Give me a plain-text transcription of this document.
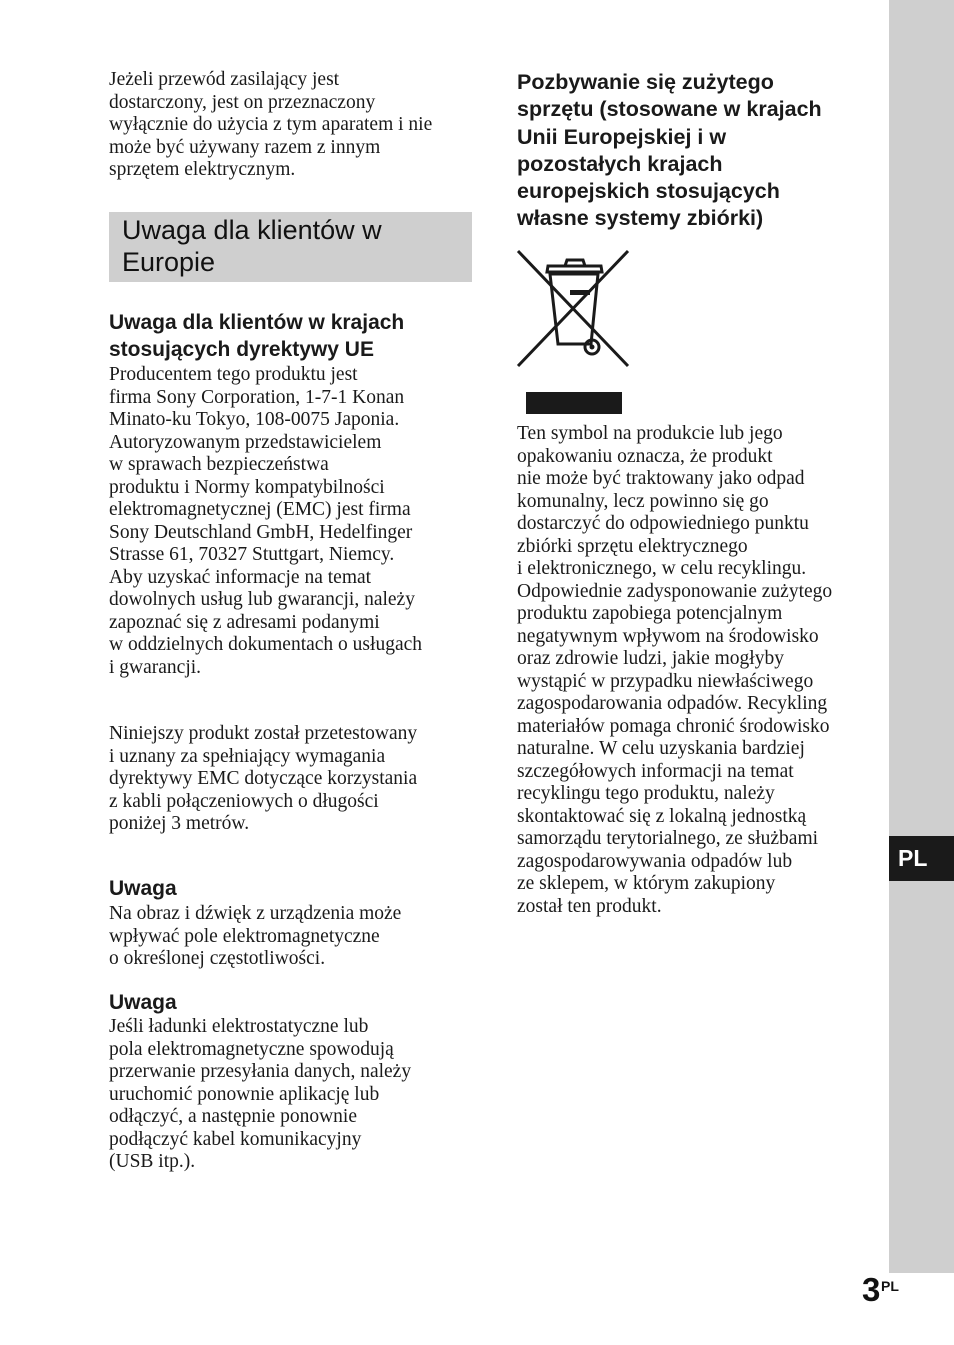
PL

Jeżeli przewód zasilający jest
dostarczony, jest on przeznaczony
wyłącznie do użycia z tym aparatem i nie
może być używany razem z innym
sprzętem elektrycznym.

Uwaga dla klientów w
Europie
Uwaga dla klientów w krajach
stosujących dyrektywy UE

Producentem tego produktu jest
firma Sony Corporation, 1-7-1 Konan
Minato-ku Tokyo, 108-0075 Japonia.
Autoryzowanym przedstawicielem
w sprawach bezpieczeństwa
produktu i Normy kompatybilności
elektromagnetycznej (EMC) jest firma
Sony Deutschland GmbH, Hedelfinger
Strasse 61, 70327 Stuttgart, Niemcy.
Aby uzyskać informacje na temat
dowolnych usług lub gwarancji, należy
zapoznać się z adresami podanymi
w oddzielnych dokumentach o usługach
i gwarancji.

Niniejszy produkt został przetestowany
i uznany za spełniający wymagania
dyrektywy EMC dotyczące korzystania
z kabli połączeniowych o długości
poniżej 3 metrów.

Uwaga

Na obraz i dźwięk z urządzenia może
wpływać pole elektromagnetyczne
o określonej częstotliwości.

Uwaga

Jeśli ładunki elektrostatyczne lub
pola elektromagnetyczne spowodują
przerwanie przesyłania danych, należy
uruchomić ponownie aplikację lub
odłączyć, a następnie ponownie
podłączyć kabel komunikacyjny
(USB itp.).

Pozbywanie się zużytego
sprzętu (stosowane w krajach
Unii Europejskiej i w
pozostałych krajach
europejskich stosujących
własne systemy zbiórki)

Ten symbol na produkcie lub jego
opakowaniu oznacza, że produkt
nie może być traktowany jako odpad
komunalny, lecz powinno się go
dostarczyć do odpowiedniego punktu
zbiórki sprzętu elektrycznego
i elektronicznego, w celu recyklingu.
Odpowiednie zadysponowanie zużytego
produktu zapobiega potencjalnym
negatywnym wpływom na środowisko
oraz zdrowie ludzi, jakie mogłyby
wystąpić w przypadku niewłaściwego
zagospodarowania odpadów. Recykling
materiałów pomaga chronić środowisko
naturalne. W celu uzyskania bardziej
szczegółowych informacji na temat
recyklingu tego produktu, należy
skontaktować się z lokalną jednostką
samorządu terytorialnego, ze służbami
zagospodarowywania odpadów lub
ze sklepem, w którym zakupiony
został ten produkt.

3 PL
